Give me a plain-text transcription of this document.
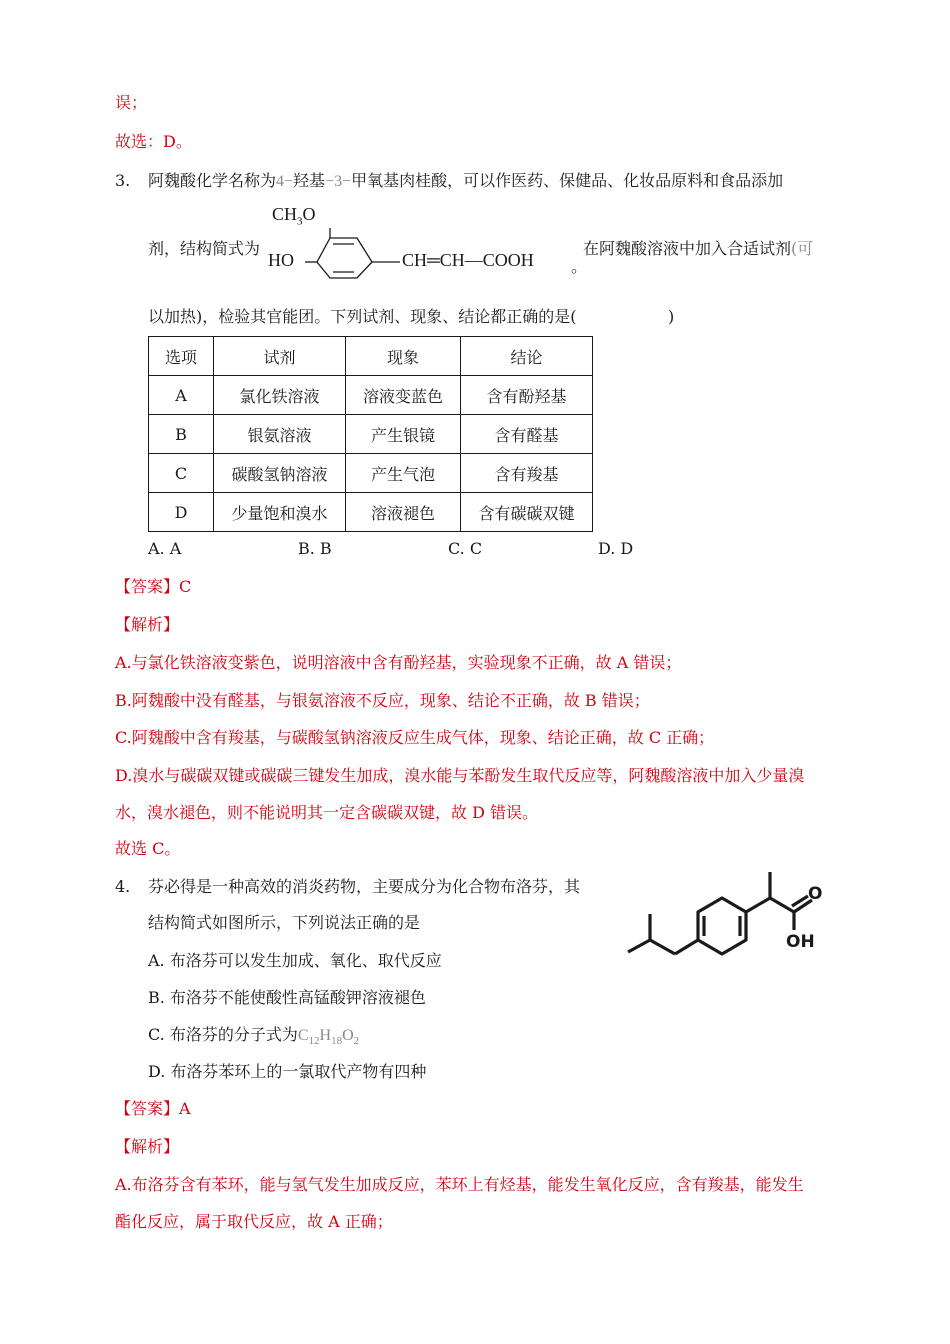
误；
故选：D。
3. 阿魏酸化学名称为4−羟基−3−甲氧基肉桂酸，可以作医药、保健品、化妆品原料和食品添加
剂，结构简式为
$CH_3O$
HO	CH═CH—COOH 。
在阿魏酸溶液中加入合适试剂(可
以加热)，检验其官能团。下列试剂、现象、结论都正确的是(	)
选项	试剂	现象	结论
A	氯化铁溶液	溶液变蓝色	含有酚羟基
B	银氨溶液	产生银镜	含有醛基
C	碳酸氢钠溶液	产生气泡	含有羧基
D	少量饱和溴水	溶液褪色	含有碳碳双键
A. A	B. B	C. C	D. D
【答案】C
【解析】
A.与氯化铁溶液变紫色，说明溶液中含有酚羟基，实验现象不正确，故 A 错误；
B.阿魏酸中没有醛基，与银氨溶液不反应，现象、结论不正确，故 B 错误；
C.阿魏酸中含有羧基，与碳酸氢钠溶液反应生成气体，现象、结论正确，故 C 正确；
D.溴水与碳碳双键或碳碳三键发生加成，溴水能与苯酚发生取代反应等，阿魏酸溶液中加入少量溴
水，溴水褪色，则不能说明其一定含碳碳双键，故 D 错误。
故选 C。
4. 芬必得是一种高效的消炎药物，主要成分为化合物布洛芬，其
结构简式如图所示，下列说法正确的是
O
OH
A. 布洛芬可以发生加成、氧化、取代反应
B. 布洛芬不能使酸性高锰酸钾溶液褪色
C. 布洛芬的分子式为$C_{12}H_{18}O_2$
D. 布洛芬苯环上的一氯取代产物有四种
【答案】A
【解析】
A.布洛芬含有苯环，能与氢气发生加成反应，苯环上有烃基，能发生氧化反应，含有羧基，能发生
酯化反应，属于取代反应，故 A 正确；
